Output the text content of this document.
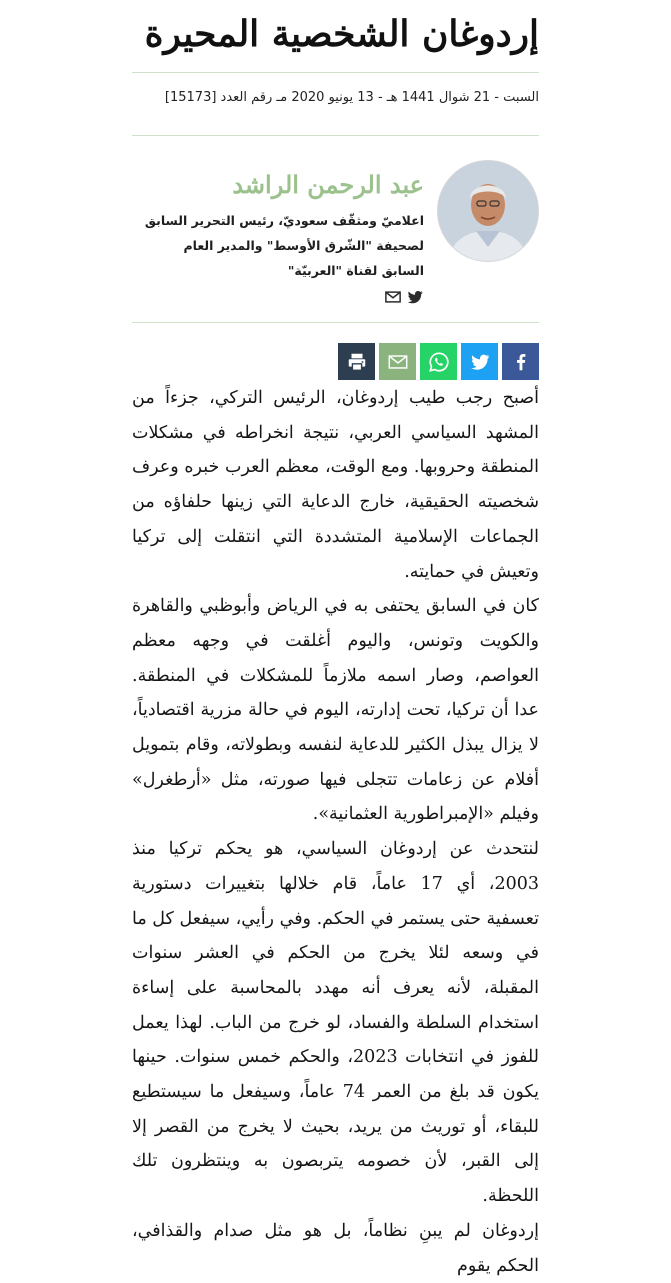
إردوغان الشخصية المحيرة
السبت - 21 شوال 1441 هـ - 13 يونيو 2020 مـ رقم العدد [15173]
عبد الرحمن الراشد
اعلاميّ ومثقّف سعوديّ، رئيس التحرير السابق لصحيفة "الشّرق الأوسط" والمدير العام السابق لقناة "العربيّة"

أصبح رجب طيب إردوغان، الرئيس التركي، جزءاً من المشهد السياسي العربي، نتيجة انخراطه في مشكلات المنطقة وحروبها. ومع الوقت، معظم العرب خبره وعرف شخصيته الحقيقية، خارج الدعاية التي زينها حلفاؤه من الجماعات الإسلامية المتشددة التي انتقلت إلى تركيا وتعيش في حمايته.

كان في السابق يحتفى به في الرياض وأبوظبي والقاهرة والكويت وتونس، واليوم أغلقت في وجهه معظم العواصم، وصار اسمه ملازماً للمشكلات في المنطقة. عدا أن تركيا، تحت إدارته، اليوم في حالة مزرية اقتصادياً، لا يزال يبذل الكثير للدعاية لنفسه وبطولاته، وقام بتمويل أفلام عن زعامات تتجلى فيها صورته، مثل «أرطغرل» وفيلم «الإمبراطورية العثمانية».

لنتحدث عن إردوغان السياسي، هو يحكم تركيا منذ 2003، أي 17 عاماً، قام خلالها بتغييرات دستورية تعسفية حتى يستمر في الحكم. وفي رأيي، سيفعل كل ما في وسعه لئلا يخرج من الحكم في العشر سنوات المقبلة، لأنه يعرف أنه مهدد بالمحاسبة على إساءة استخدام السلطة والفساد، لو خرج من الباب. لهذا يعمل للفوز في انتخابات 2023، والحكم خمس سنوات. حينها يكون قد بلغ من العمر 74 عاماً، وسيفعل ما سيستطيع للبقاء، أو توريث من يريد، بحيث لا يخرج من القصر إلا إلى القبر، لأن خصومه يتربصون به وينتظرون تلك اللحظة.

إردوغان لم يبنِ نظاماً، بل هو مثل صدام والقذافي، الحكم يقوم
